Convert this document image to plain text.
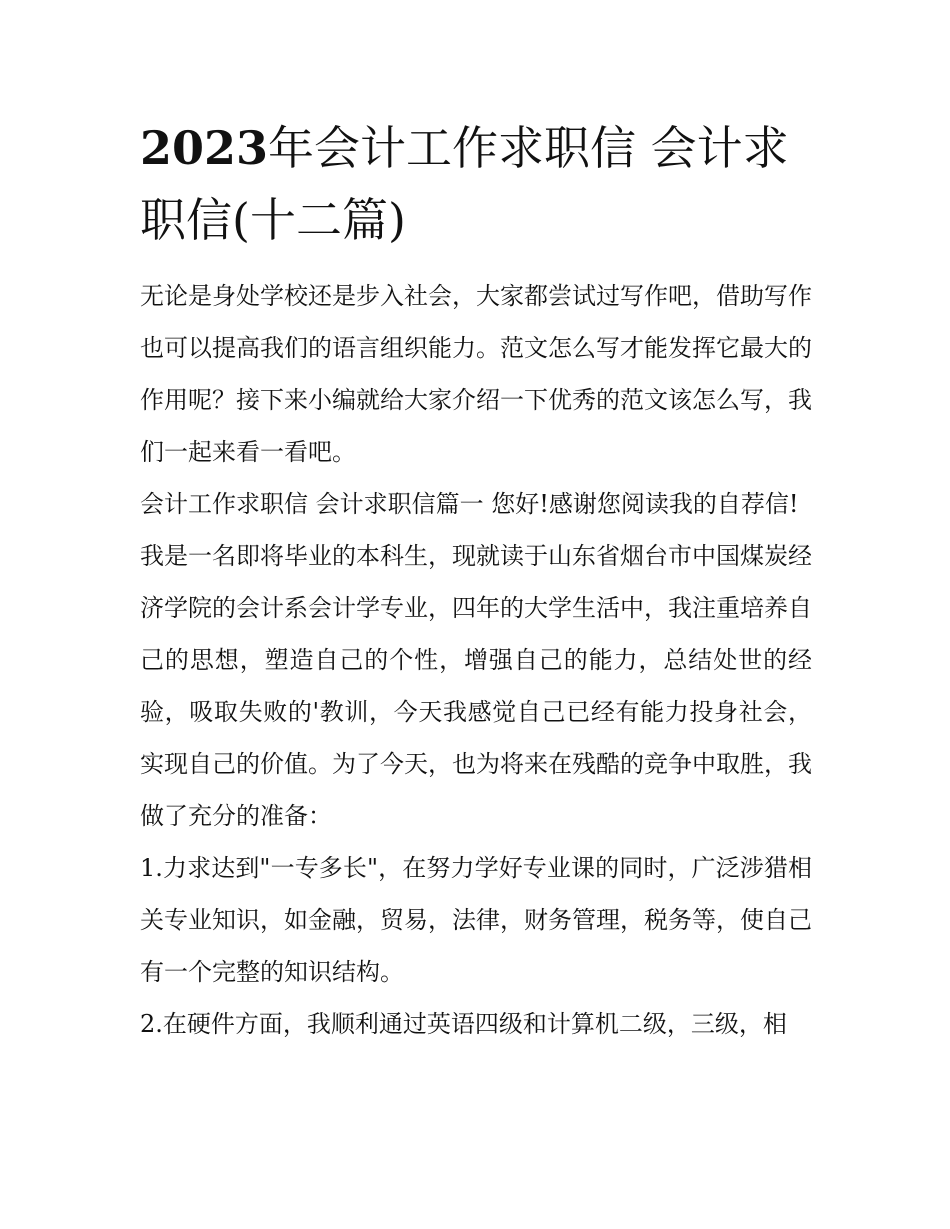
2023年会计工作求职信 会计求职信(十二篇)

无论是身处学校还是步入社会，大家都尝试过写作吧，借助写作也可以提高我们的语言组织能力。范文怎么写才能发挥它最大的作用呢？接下来小编就给大家介绍一下优秀的范文该怎么写，我们一起来看一看吧。

会计工作求职信 会计求职信篇一 您好!感谢您阅读我的自荐信!

我是一名即将毕业的本科生，现就读于山东省烟台市中国煤炭经济学院的会计系会计学专业，四年的大学生活中，我注重培养自己的思想，塑造自己的个性，增强自己的能力，总结处世的经验，吸取失败的'教训，今天我感觉自己已经有能力投身社会，实现自己的价值。为了今天，也为将来在残酷的竞争中取胜，我做了充分的准备：

1.力求达到"一专多长"，在努力学好专业课的同时，广泛涉猎相关专业知识，如金融，贸易，法律，财务管理，税务等，使自己有一个完整的知识结构。

2.在硬件方面，我顺利通过英语四级和计算机二级，三级，相
